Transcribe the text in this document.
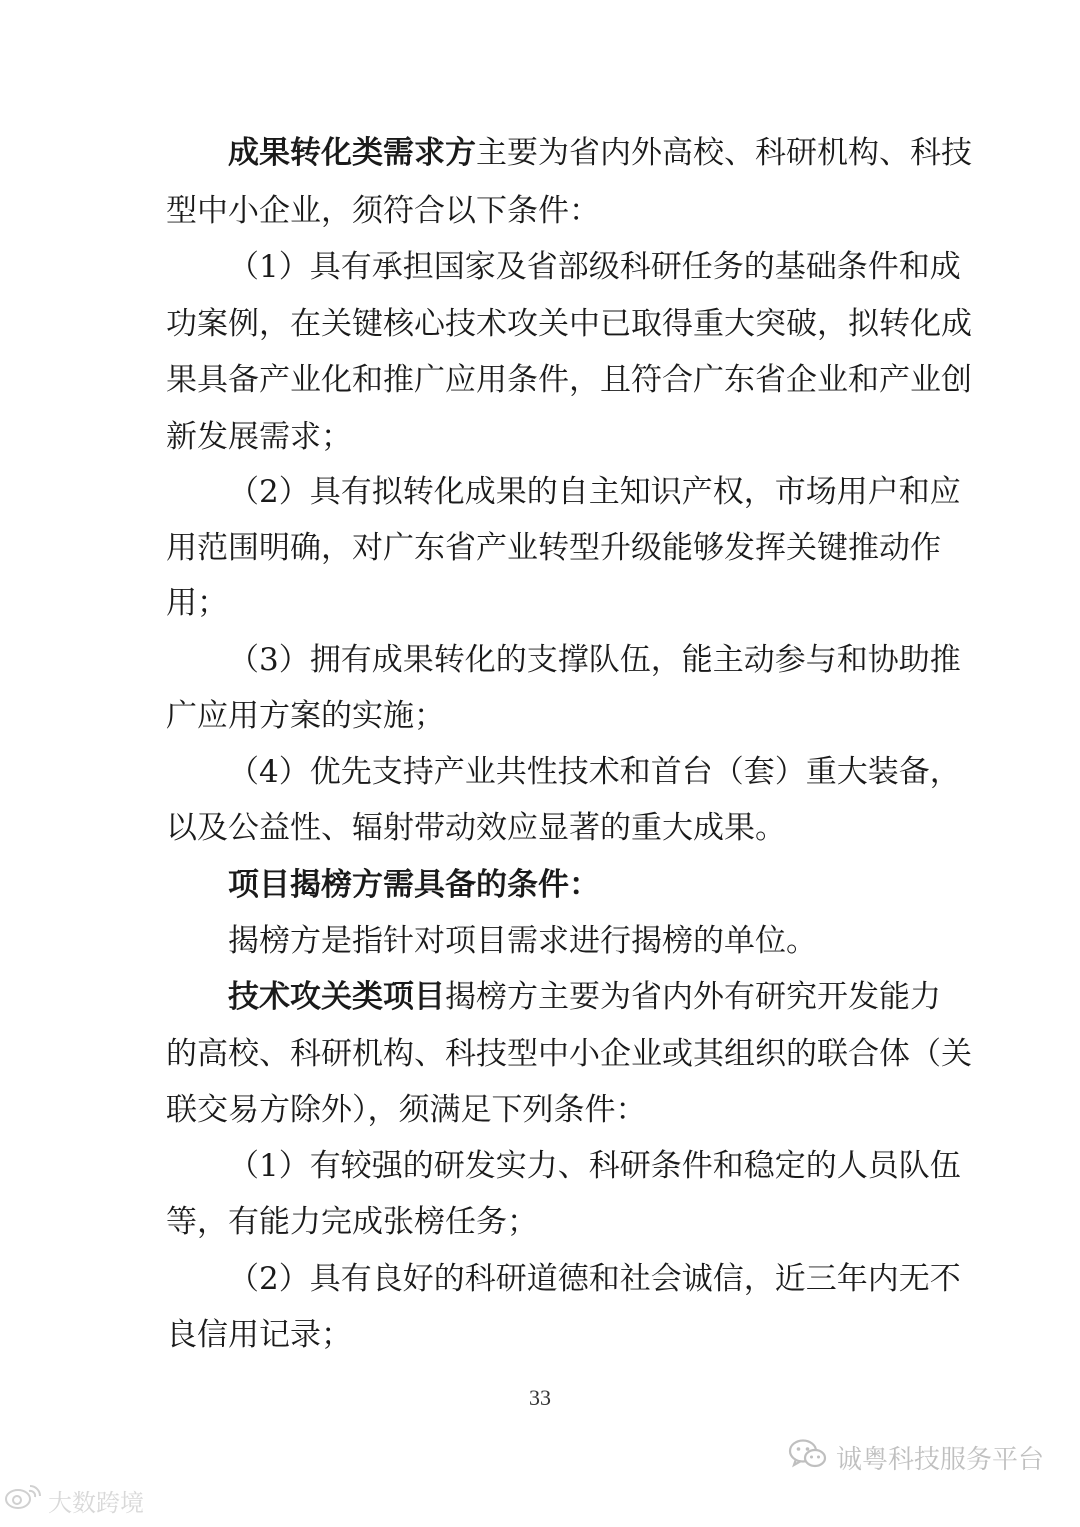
成果转化类需求方主要为省内外高校、科研机构、科技
型中小企业，须符合以下条件：
（1）具有承担国家及省部级科研任务的基础条件和成
功案例，在关键核心技术攻关中已取得重大突破，拟转化成
果具备产业化和推广应用条件，且符合广东省企业和产业创
新发展需求；
（2）具有拟转化成果的自主知识产权，市场用户和应
用范围明确，对广东省产业转型升级能够发挥关键推动作
用；
（3）拥有成果转化的支撑队伍，能主动参与和协助推
广应用方案的实施；
（4）优先支持产业共性技术和首台（套）重大装备，
以及公益性、辐射带动效应显著的重大成果。
项目揭榜方需具备的条件：
揭榜方是指针对项目需求进行揭榜的单位。
技术攻关类项目揭榜方主要为省内外有研究开发能力
的高校、科研机构、科技型中小企业或其组织的联合体（关
联交易方除外），须满足下列条件：
（1）有较强的研发实力、科研条件和稳定的人员队伍
等，有能力完成张榜任务；
（2）具有良好的科研道德和社会诚信，近三年内无不
良信用记录；
33
诚粤科技服务平台
大数跨境
